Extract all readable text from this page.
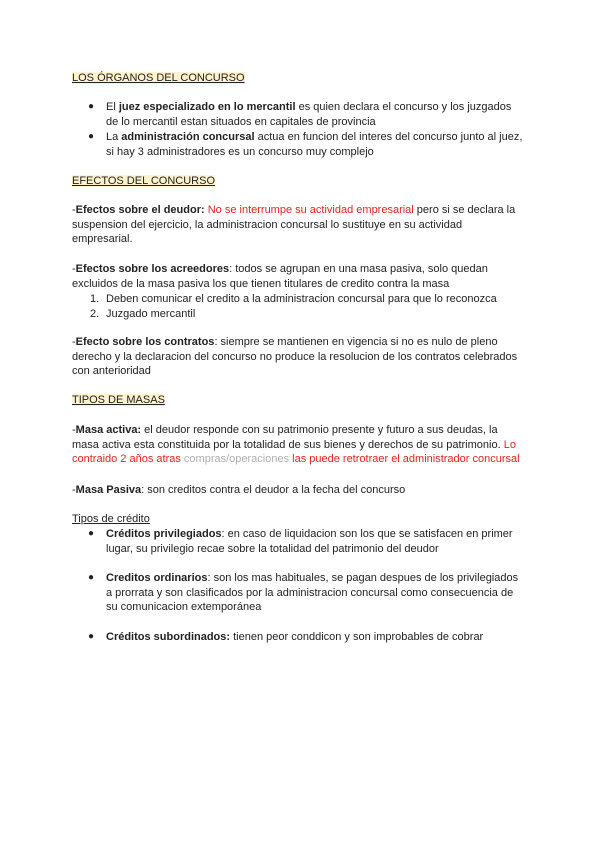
LOS ÓRGANOS DEL CONCURSO
● El juez especializado en lo mercantil es quien declara el concurso y los juzgados de lo mercantil estan situados en capitales de provincia
● La administración concursal actua en funcion del interes del concurso junto al juez, si hay 3 administradores es un concurso muy complejo
EFECTOS DEL CONCURSO
-Efectos sobre el deudor: No se interrumpe su actividad empresarial pero si se declara la suspension del ejercicio, la administracion concursal lo sustituye en su actividad empresarial.
-Efectos sobre los acreedores: todos se agrupan en una masa pasiva, solo quedan excluidos de la masa pasiva los que tienen titulares de credito contra la masa
1. Deben comunicar el credito a la administracion concursal para que lo reconozca
2. Juzgado mercantil
-Efecto sobre los contratos: siempre se mantienen en vigencia si no es nulo de pleno derecho y la declaracion del concurso no produce la resolucion de los contratos celebrados con anterioridad
TIPOS DE MASAS
-Masa activa: el deudor responde con su patrimonio presente y futuro a sus deudas, la masa activa esta constituida por la totalidad de sus bienes y derechos de su patrimonio. Lo contraido 2 años atras compras/operaciones las puede retrotraer el administrador concursal
-Masa Pasiva: son creditos contra el deudor a la fecha del concurso
Tipos de crédito
● Créditos privilegiados: en caso de liquidacion son los que se satisfacen en primer lugar, su privilegio recae sobre la totalidad del patrimonio del deudor
● Creditos ordinarios: son los mas habituales, se pagan despues de los privilegiados a prorrata y son clasificados por la administracion concursal como consecuencia de su comunicacion extemporánea
● Créditos subordinados: tienen peor conddicon y son improbables de cobrar
